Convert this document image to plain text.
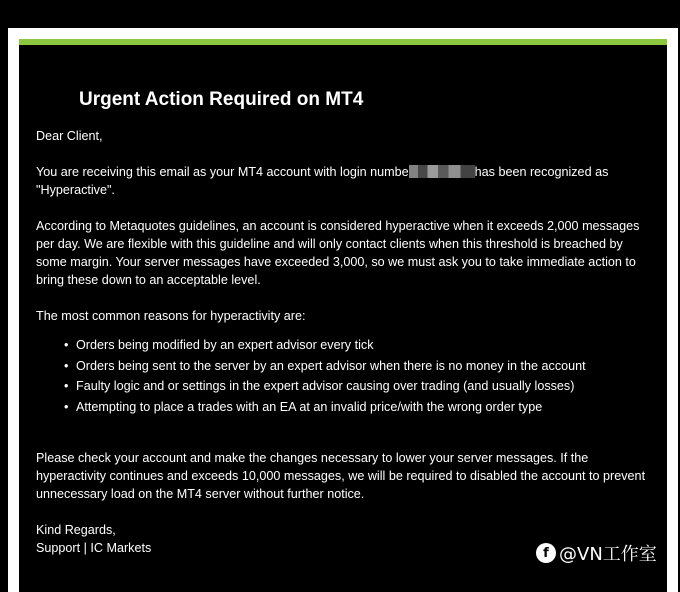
Urgent Action Required on MT4

Dear Client,

You are receiving this email as your MT4 account with login numbe	has been recognized as "Hyperactive".

According to Metaquotes guidelines, an account is considered hyperactive when it exceeds 2,000 messages per day. We are flexible with this guideline and will only contact clients when this threshold is breached by some margin. Your server messages have exceeded 3,000, so we must ask you to take immediate action to bring these down to an acceptable level.

The most common reasons for hyperactivity are:

• Orders being modified by an expert advisor every tick
• Orders being sent to the server by an expert advisor when there is no money in the account
• Faulty logic and or settings in the expert advisor causing over trading (and usually losses)
• Attempting to place a trades with an EA at an invalid price/with the wrong order type

Please check your account and make the changes necessary to lower your server messages. If the hyperactivity continues and exceeds 10,000 messages, we will be required to disabled the account to prevent unnecessary load on the MT4 server without further notice.

Kind Regards,

Support | IC Markets	f @VN工作室
